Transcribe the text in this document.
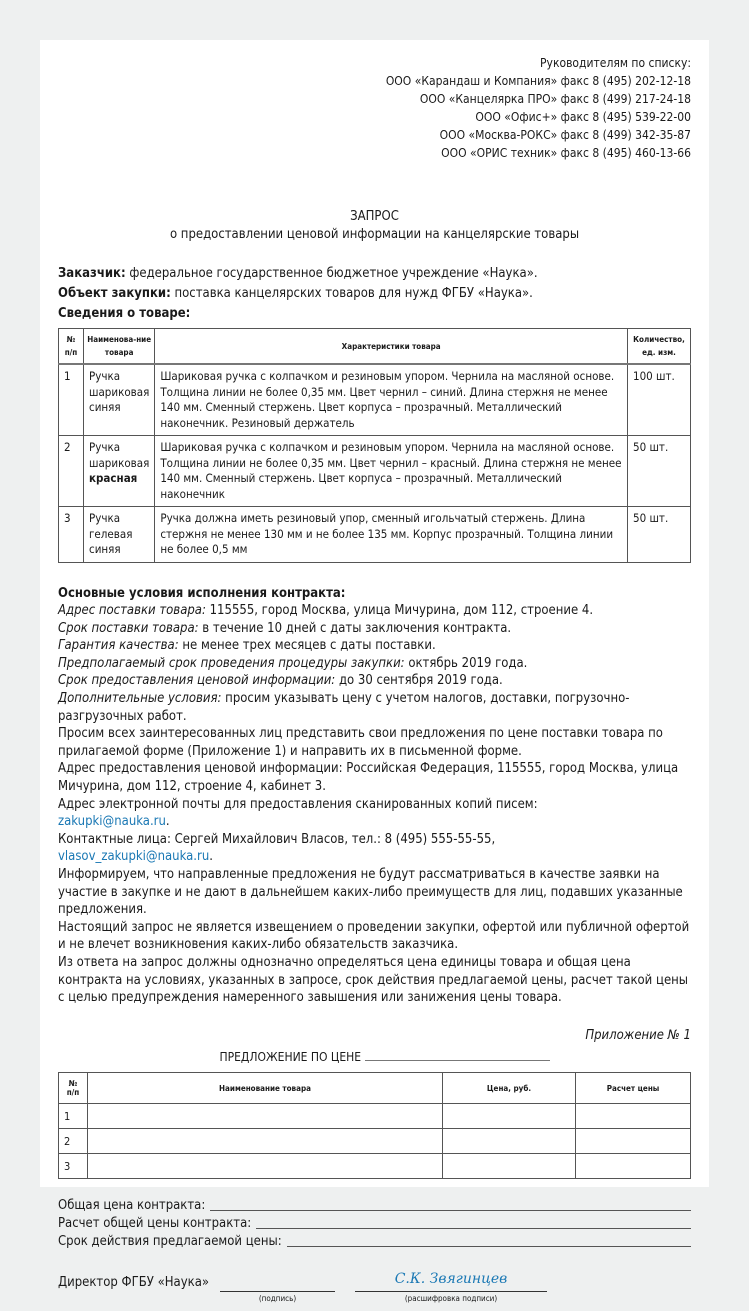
Руководителям по списку:
ООО «Карандаш и Компания» факс 8 (495) 202-12-18
ООО «Канцелярка ПРО» факс 8 (499) 217-24-18
ООО «Офис+» факс 8 (495) 539-22-00
ООО «Москва-РОКС» факс 8 (499) 342-35-87
ООО «ОРИС техник» факс 8 (495) 460-13-66
ЗАПРОС
о предоставлении ценовой информации на канцелярские товары
Заказчик: федеральное государственное бюджетное учреждение «Наука».
Объект закупки: поставка канцелярских товаров для нужд ФГБУ «Наука».
Сведения о товаре:
№ п/п	Наименова-ние товара	Характеристики товара	Количество, ед. изм.
1	Ручка шариковая синяя	Шариковая ручка с колпачком и резиновым упором. Чернила на масляной основе. Толщина линии не более 0,35 мм. Цвет чернил – синий. Длина стержня не менее 140 мм. Сменный стержень. Цвет корпуса – прозрачный. Металлический наконечник. Резиновый держатель	100 шт.
2	Ручка шариковая красная	Шариковая ручка с колпачком и резиновым упором. Чернила на масляной основе. Толщина линии не более 0,35 мм. Цвет чернил – красный. Длина стержня не менее 140 мм. Сменный стержень. Цвет корпуса – прозрачный. Металлический наконечник	50 шт.
3	Ручка гелевая синяя	Ручка должна иметь резиновый упор, сменный игольчатый стержень. Длина стержня не менее 130 мм и не более 135 мм. Корпус прозрачный. Толщина линии не более 0,5 мм	50 шт.
Основные условия исполнения контракта:
Адрес поставки товара: 115555, город Москва, улица Мичурина, дом 112, строение 4.
Срок поставки товара: в течение 10 дней с даты заключения контракта.
Гарантия качества: не менее трех месяцев с даты поставки.
Предполагаемый срок проведения процедуры закупки: октябрь 2019 года.
Срок предоставления ценовой информации: до 30 сентября 2019 года.
Дополнительные условия: просим указывать цену с учетом налогов, доставки, погрузочно-разгрузочных работ.
Просим всех заинтересованных лиц представить свои предложения по цене поставки товара по прилагаемой форме (Приложение 1) и направить их в письменной форме.
Адрес предоставления ценовой информации: Российская Федерация, 115555, город Москва, улица Мичурина, дом 112, строение 4, кабинет 3.
Адрес электронной почты для предоставления сканированных копий писем:
zakupki@nauka.ru.
Контактные лица: Сергей Михайлович Власов, тел.: 8 (495) 555-55-55,
vlasov_zakupki@nauka.ru.
Информируем, что направленные предложения не будут рассматриваться в качестве заявки на участие в закупке и не дают в дальнейшем каких-либо преимуществ для лиц, подавших указанные предложения.
Настоящий запрос не является извещением о проведении закупки, офертой или публичной офертой и не влечет возникновения каких-либо обязательств заказчика.
Из ответа на запрос должны однозначно определяться цена единицы товара и общая цена контракта на условиях, указанных в запросе, срок действия предлагаемой цены, расчет такой цены с целью предупреждения намеренного завышения или занижения цены товара.
Приложение № 1
ПРЕДЛОЖЕНИЕ ПО ЦЕНЕ
№ п/п	Наименование товара	Цена, руб.	Расчет цены
1			
2			
3			
Общая цена контракта:
Расчет общей цены контракта:
Срок действия предлагаемой цены:
Директор ФГБУ «Наука»
(подпись)
С.К. Звягинцев
(расшифровка подписи)
